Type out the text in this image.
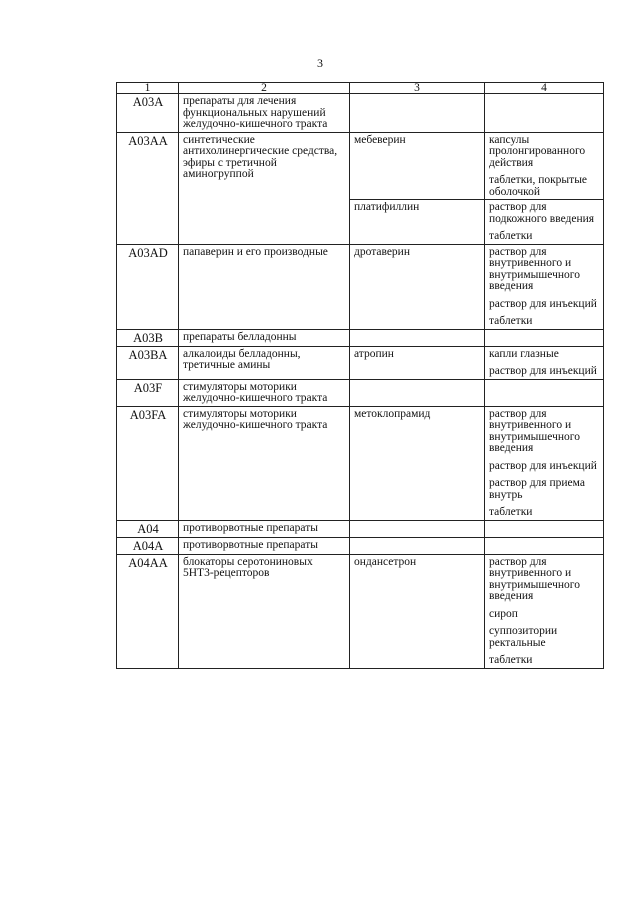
3
1	2	3	4
A03A	препараты для лечения функциональных нарушений желудочно-кишечного тракта		
A03AA	синтетические антихолинергические средства, эфиры с третичной аминогруппой	мебеверин	капсулы пролонгированного действия
таблетки, покрытые оболочкой

		платифиллин	раствор для подкожного введения
таблетки

A03AD	папаверин и его производные	дротаверин	раствор для внутривенного и внутримышечного введения
раствор для инъекций
таблетки

A03B	препараты белладонны		
A03BA	алкалоиды белладонны, третичные амины	атропин	капли глазные
раствор для инъекций

A03F	стимуляторы моторики желудочно-кишечного тракта		
A03FA	стимуляторы моторики желудочно-кишечного тракта	метоклопрамид	раствор для внутривенного и внутримышечного введения
раствор для инъекций
раствор для приема внутрь
таблетки

A04	противорвотные препараты		
A04A	противорвотные препараты		
A04AA	блокаторы серотониновых 5HT3-рецепторов	ондансетрон	раствор для внутривенного и внутримышечного введения
сироп
суппозитории ректальные
таблетки
